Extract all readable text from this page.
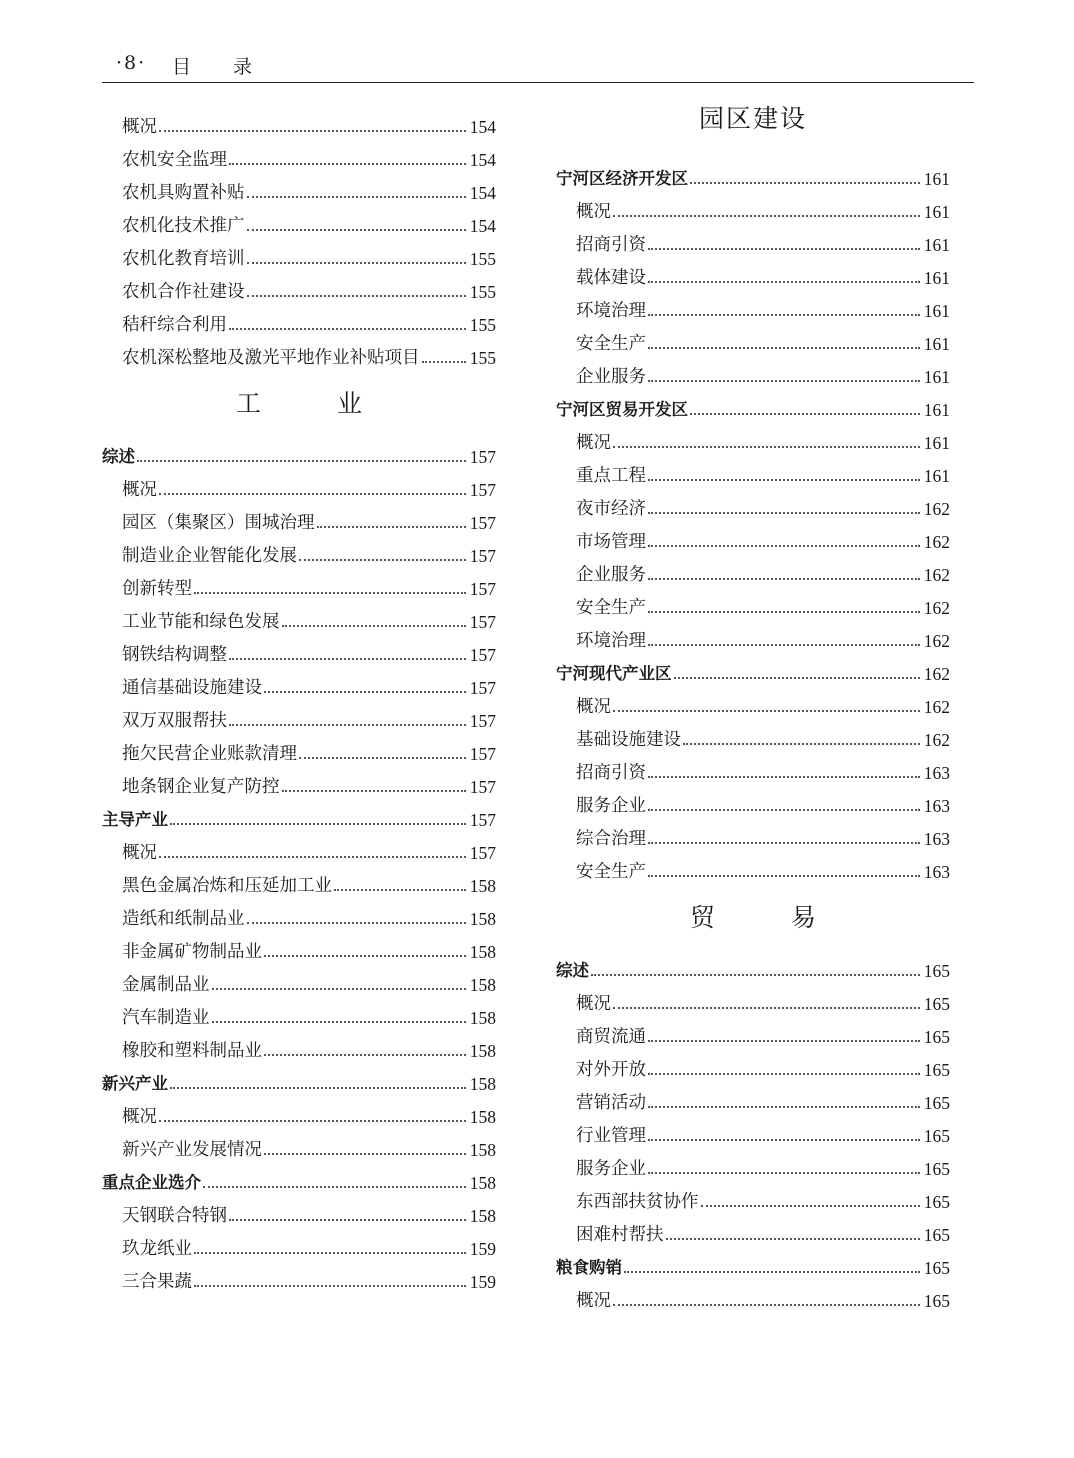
·8· 目 录
概况	154
农机安全监理	154
农机具购置补贴	154
农机化技术推广	154
农机化教育培训	155
农机合作社建设	155
秸秆综合利用	155
农机深松整地及激光平地作业补贴项目	155
工 业
综述	157
概况	157
园区（集聚区）围城治理	157
制造业企业智能化发展	157
创新转型	157
工业节能和绿色发展	157
钢铁结构调整	157
通信基础设施建设	157
双万双服帮扶	157
拖欠民营企业账款清理	157
地条钢企业复产防控	157
主导产业	157
概况	157
黑色金属冶炼和压延加工业	158
造纸和纸制品业	158
非金属矿物制品业	158
金属制品业	158
汽车制造业	158
橡胶和塑料制品业	158
新兴产业	158
概况	158
新兴产业发展情况	158
重点企业选介	158
天钢联合特钢	158
玖龙纸业	159
三合果蔬	159
园区建设
宁河区经济开发区	161
概况	161
招商引资	161
载体建设	161
环境治理	161
安全生产	161
企业服务	161
宁河区贸易开发区	161
概况	161
重点工程	161
夜市经济	162
市场管理	162
企业服务	162
安全生产	162
环境治理	162
宁河现代产业区	162
概况	162
基础设施建设	162
招商引资	163
服务企业	163
综合治理	163
安全生产	163
贸 易
综述	165
概况	165
商贸流通	165
对外开放	165
营销活动	165
行业管理	165
服务企业	165
东西部扶贫协作	165
困难村帮扶	165
粮食购销	165
概况	165
